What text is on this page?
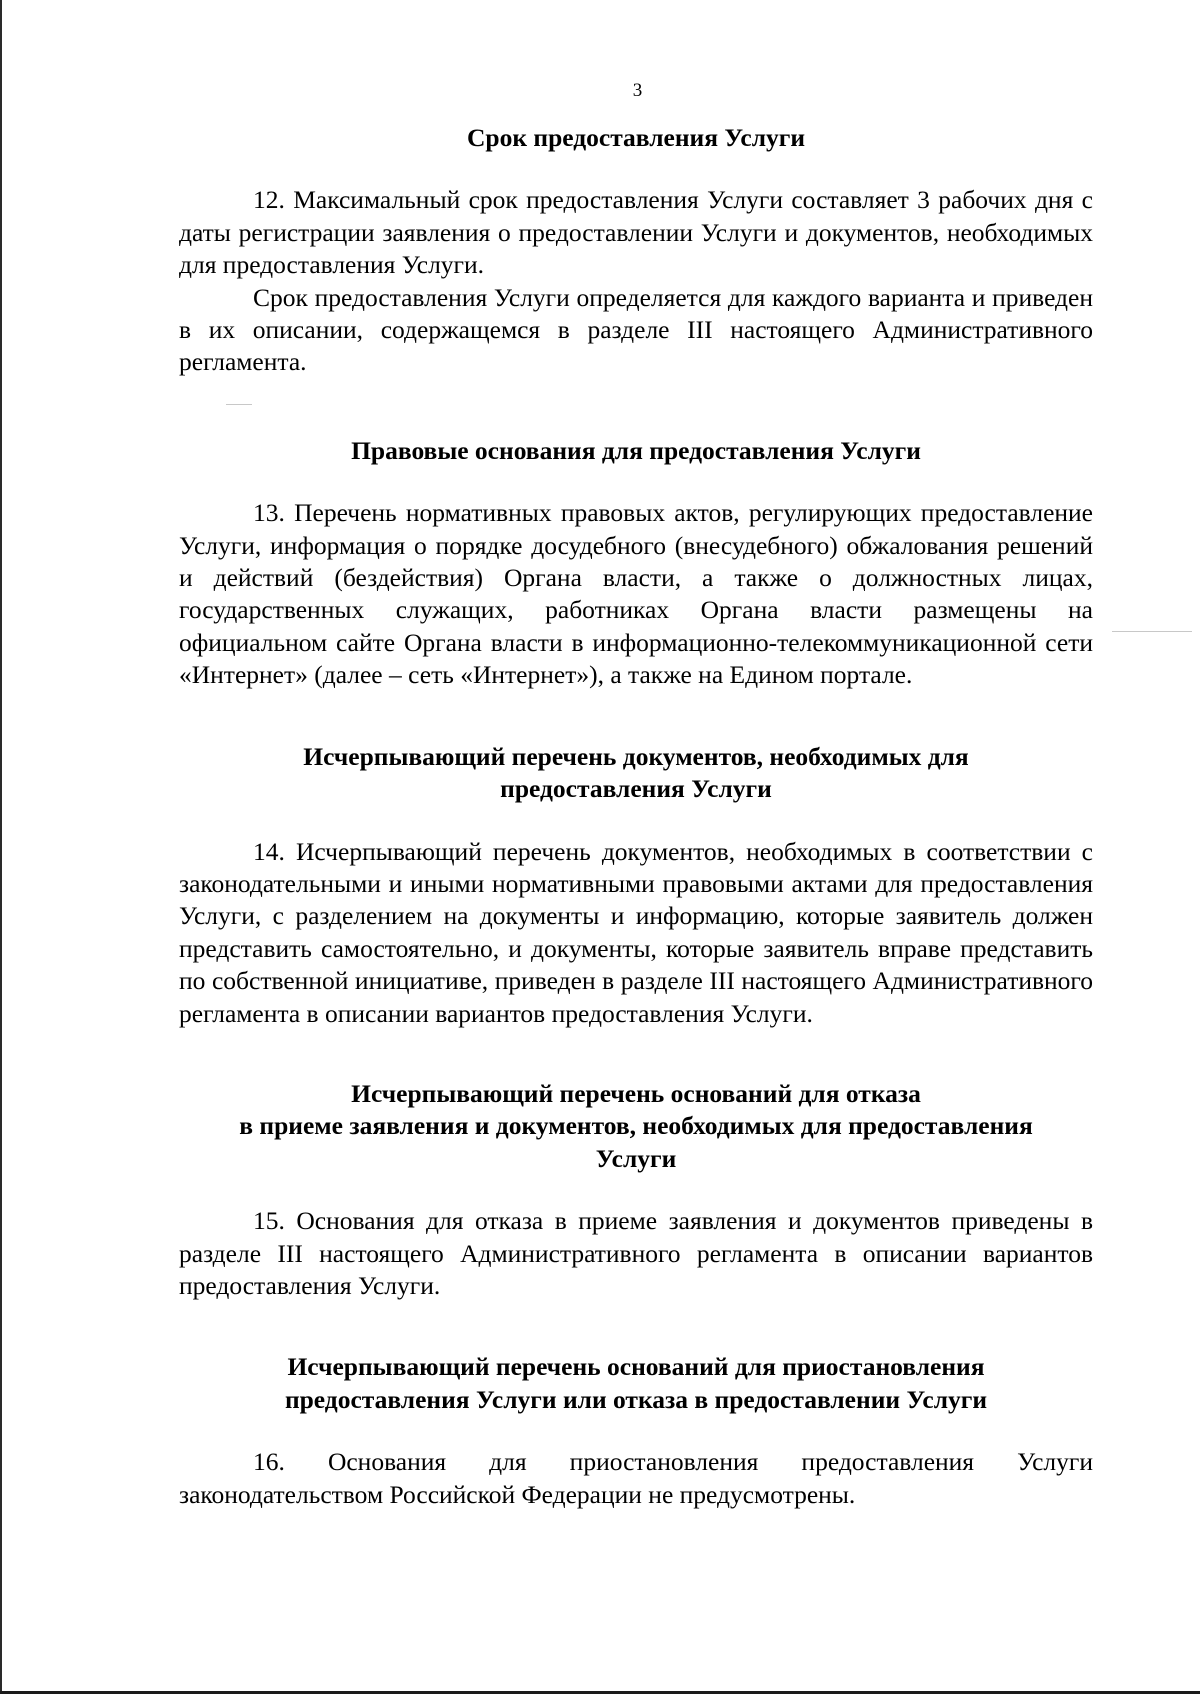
3

Срок предоставления Услуги

12. Максимальный срок предоставления Услуги составляет 3 рабочих дня с даты регистрации заявления о предоставлении Услуги и документов, необходимых для предоставления Услуги.

Срок предоставления Услуги определяется для каждого варианта и приведен в их описании, содержащемся в разделе III настоящего Административного регламента.

Правовые основания для предоставления Услуги

13. Перечень нормативных правовых актов, регулирующих предоставление Услуги, информация о порядке досудебного (внесудебного) обжалования решений и действий (бездействия) Органа власти, а также о должностных лицах, государственных служащих, работниках Органа власти размещены на официальном сайте Органа власти в информационно-телекоммуникационной сети «Интернет» (далее – сеть «Интернет»), а также на Едином портале.

Исчерпывающий перечень документов, необходимых для предоставления Услуги

14. Исчерпывающий перечень документов, необходимых в соответствии с законодательными и иными нормативными правовыми актами для предоставления Услуги, с разделением на документы и информацию, которые заявитель должен представить самостоятельно, и документы, которые заявитель вправе представить по собственной инициативе, приведен в разделе III настоящего Административного регламента в описании вариантов предоставления Услуги.

Исчерпывающий перечень оснований для отказа
в приеме заявления и документов, необходимых для предоставления
Услуги

15. Основания для отказа в приеме заявления и документов приведены в разделе III настоящего Административного регламента в описании вариантов предоставления Услуги.

Исчерпывающий перечень оснований для приостановления
предоставления Услуги или отказа в предоставлении Услуги

16. Основания для приостановления предоставления Услуги законодательством Российской Федерации не предусмотрены.
